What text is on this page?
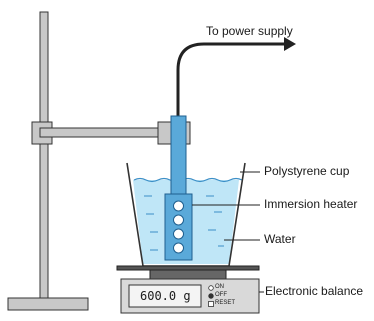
To power supply
Polystyrene cup
Immersion heater
Water
Electronic balance
600.0 g
ON
OFF
RESET
